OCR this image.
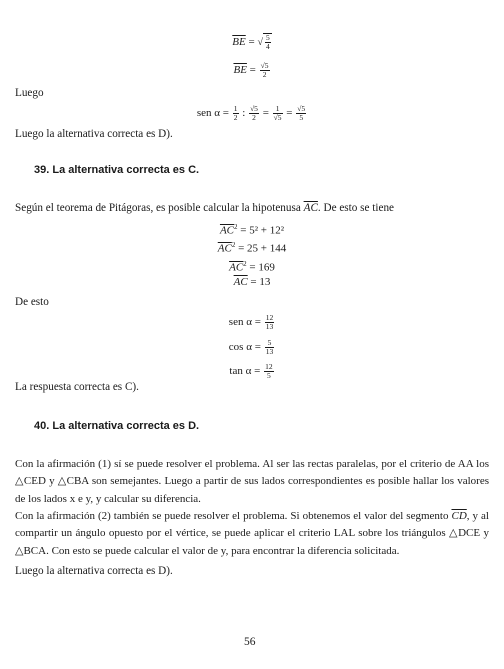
$\overline{BE}$ = √ $\frac{5}{4}$
$\overline{BE} = \frac{√5}{2}$
Luego
sen $\alpha = \frac{1}{2}$ : $\frac{√5}{2} = \frac{1}{√5} = \frac{√5}{5}$
Luego la alternativa correcta es D).
39. La alternativa correcta es C.
Según el teorema de Pitágoras, es posible calcular la hipotenusa $\overline{AC}$. De esto se tiene
$\overline{AC}^2 = 5^2 + 12^2$
$\overline{AC}^2 = 25 + 144$
$\overline{AC}^2 = 169$
$\overline{AC} = 13$
De esto
sen $\alpha = \frac{12}{13}$
$\cos \alpha = \frac{5}{13}$
$\tan \alpha = \frac{12}{5}$
La respuesta correcta es C).
40. La alternativa correcta es D.
Con la afirmación (1) sí se puede resolver el problema. Al ser las rectas paralelas, por el criterio de AA los △CED y △CBA son semejantes. Luego a partir de sus lados correspondientes es posible hallar los valores de los lados x e y, y calcular su diferencia.
Con la afirmación (2) también se puede resolver el problema. Si obtenemos el valor del segmento $\overline{CD}$, y al compartir un ángulo opuesto por el vértice, se puede aplicar el criterio LAL sobre los triángulos △DCE y △BCA. Con esto se puede calcular el valor de y, para encontrar la diferencia solicitada.
Luego la alternativa correcta es D).
56
